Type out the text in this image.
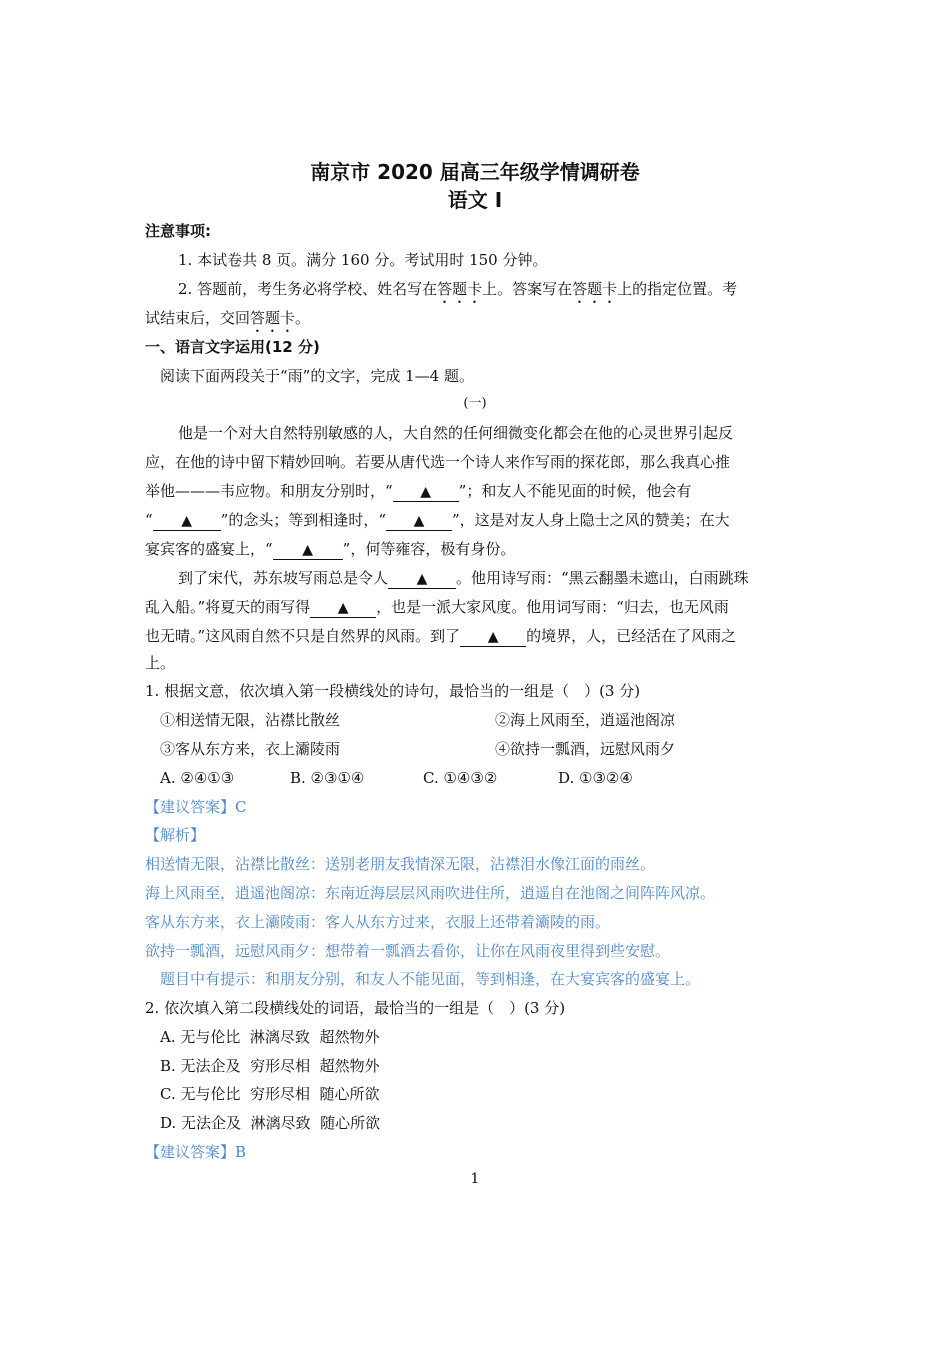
南京市 2020 届高三年级学情调研卷
语文 I
注意事项:
1. 本试卷共 8 页。满分 160 分。考试用时 150 分钟。
2. 答题前，考生务必将学校、姓名写在答题卡上。答案写在答题卡上的指定位置。考
试结束后，交回答题卡。
一、语言文字运用(12 分)
阅读下面两段关于“雨”的文字，完成 1—4 题。
(一)
他是一个对大自然特别敏感的人，大自然的任何细微变化都会在他的心灵世界引起反
应，在他的诗中留下精妙回响。若要从唐代选一个诗人来作写雨的探花郎，那么我真心推
举他———韦应物。和朋友分别时，“ ▲ ”；和友人不能见面的时候，他会有
“ ▲ ”的念头；等到相逢时，“ ▲ ”，这是对友人身上隐士之风的赞美；在大
宴宾客的盛宴上，“ ▲ ”，何等雍容，极有身份。
到了宋代，苏东坡写雨总是令人 ▲ 。他用诗写雨：“黑云翻墨未遮山，白雨跳珠
乱入船。”将夏天的雨写得 ▲ ，也是一派大家风度。他用词写雨：“归去，也无风雨
也无晴。”这风雨自然不只是自然界的风雨。到了 ▲ 的境界，人，已经活在了风雨之
上。
1. 根据文意，依次填入第一段横线处的诗句，最恰当的一组是（　）(3 分)
①相送情无限，沾襟比散丝	②海上风雨至，逍遥池阁凉
③客从东方来，衣上灞陵雨	④欲持一瓢酒，远慰风雨夕
A. ②④①③	B. ②③①④	C. ①④③②	D. ①③②④
【建议答案】C
【解析】
相送情无限，沾襟比散丝：送别老朋友我情深无限，沾襟泪水像江面的雨丝。
海上风雨至，逍遥池阁凉：东南近海层层风雨吹进住所，逍遥自在池阁之间阵阵风凉。
客从东方来，衣上灞陵雨：客人从东方过来，衣服上还带着灞陵的雨。
欲持一瓢酒，远慰风雨夕：想带着一瓢酒去看你，让你在风雨夜里得到些安慰。
题目中有提示：和朋友分别，和友人不能见面，等到相逢，在大宴宾客的盛宴上。
2. 依次填入第二段横线处的词语，最恰当的一组是（　）(3 分)
A. 无与伦比  淋漓尽致  超然物外
B. 无法企及  穷形尽相  超然物外
C. 无与伦比  穷形尽相  随心所欲
D. 无法企及  淋漓尽致  随心所欲
【建议答案】B
1
